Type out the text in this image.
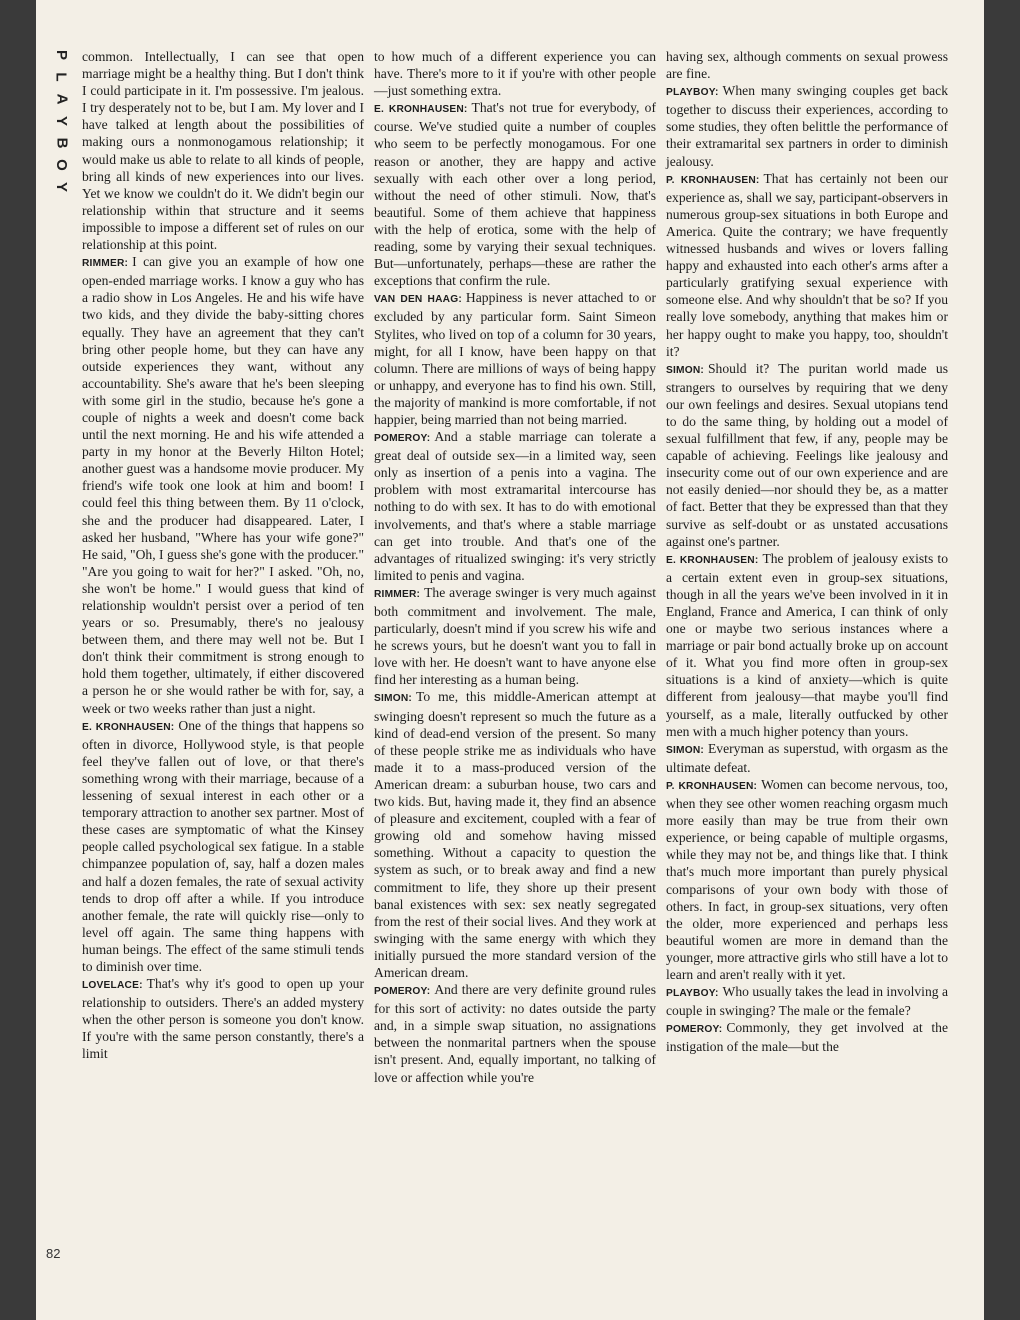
P
L
A
Y
B
O
Y
82

common. Intellectually, I can see that open marriage might be a healthy thing. But I don't think I could participate in it. I'm possessive. I'm jealous. I try desperately not to be, but I am. My lover and I have talked at length about the possibilities of making ours a nonmonogamous relationship; it would make us able to relate to all kinds of people, bring all kinds of new experiences into our lives. Yet we know we couldn't do it. We didn't begin our relationship within that structure and it seems impossible to impose a different set of rules on our relationship at this point.

RIMMER: I can give you an example of how one open-ended marriage works. I know a guy who has a radio show in Los Angeles. He and his wife have two kids, and they divide the baby-sitting chores equally. They have an agreement that they can't bring other people home, but they can have any outside experiences they want, without any accountability. She's aware that he's been sleeping with some girl in the studio, because he's gone a couple of nights a week and doesn't come back until the next morning. He and his wife attended a party in my honor at the Beverly Hilton Hotel; another guest was a handsome movie producer. My friend's wife took one look at him and boom! I could feel this thing between them. By 11 o'clock, she and the producer had disappeared. Later, I asked her husband, "Where has your wife gone?" He said, "Oh, I guess she's gone with the producer." "Are you going to wait for her?" I asked. "Oh, no, she won't be home." I would guess that kind of relationship wouldn't persist over a period of ten years or so. Presumably, there's no jealousy between them, and there may well not be. But I don't think their commitment is strong enough to hold them together, ultimately, if either discovered a person he or she would rather be with for, say, a week or two weeks rather than just a night.

E. KRONHAUSEN: One of the things that happens so often in divorce, Hollywood style, is that people feel they've fallen out of love, or that there's something wrong with their marriage, because of a lessening of sexual interest in each other or a temporary attraction to another sex partner. Most of these cases are symptomatic of what the Kinsey people called psychological sex fatigue. In a stable chimpanzee population of, say, half a dozen males and half a dozen females, the rate of sexual activity tends to drop off after a while. If you introduce another female, the rate will quickly rise—only to level off again. The same thing happens with human beings. The effect of the same stimuli tends to diminish over time.

LOVELACE: That's why it's good to open up your relationship to outsiders. There's an added mystery when the other person is someone you don't know. If you're with the same person constantly, there's a limit

to how much of a different experience you can have. There's more to it if you're with other people—just something extra.

E. KRONHAUSEN: That's not true for everybody, of course. We've studied quite a number of couples who seem to be perfectly monogamous. For one reason or another, they are happy and active sexually with each other over a long period, without the need of other stimuli. Now, that's beautiful. Some of them achieve that happiness with the help of erotica, some with the help of reading, some by varying their sexual techniques. But—unfortunately, perhaps—these are rather the exceptions that confirm the rule.

VAN DEN HAAG: Happiness is never attached to or excluded by any particular form. Saint Simeon Stylites, who lived on top of a column for 30 years, might, for all I know, have been happy on that column. There are millions of ways of being happy or unhappy, and everyone has to find his own. Still, the majority of mankind is more comfortable, if not happier, being married than not being married.

POMEROY: And a stable marriage can tolerate a great deal of outside sex—in a limited way, seen only as insertion of a penis into a vagina. The problem with most extramarital intercourse has nothing to do with sex. It has to do with emotional involvements, and that's where a stable marriage can get into trouble. And that's one of the advantages of ritualized swinging: it's very strictly limited to penis and vagina.

RIMMER: The average swinger is very much against both commitment and involvement. The male, particularly, doesn't mind if you screw his wife and he screws yours, but he doesn't want you to fall in love with her. He doesn't want to have anyone else find her interesting as a human being.

SIMON: To me, this middle-American attempt at swinging doesn't represent so much the future as a kind of dead-end version of the present. So many of these people strike me as individuals who have made it to a mass-produced version of the American dream: a suburban house, two cars and two kids. But, having made it, they find an absence of pleasure and excitement, coupled with a fear of growing old and somehow having missed something. Without a capacity to question the system as such, or to break away and find a new commitment to life, they shore up their present banal existences with sex: sex neatly segregated from the rest of their social lives. And they work at swinging with the same energy with which they initially pursued the more standard version of the American dream.

POMEROY: And there are very definite ground rules for this sort of activity: no dates outside the party and, in a simple swap situation, no assignations between the nonmarital partners when the spouse isn't present. And, equally important, no talking of love or affection while you're

having sex, although comments on sexual prowess are fine.

PLAYBOY: When many swinging couples get back together to discuss their experiences, according to some studies, they often belittle the performance of their extramarital sex partners in order to diminish jealousy.

P. KRONHAUSEN: That has certainly not been our experience as, shall we say, participant-observers in numerous group-sex situations in both Europe and America. Quite the contrary; we have frequently witnessed husbands and wives or lovers falling happy and exhausted into each other's arms after a particularly gratifying sexual experience with someone else. And why shouldn't that be so? If you really love somebody, anything that makes him or her happy ought to make you happy, too, shouldn't it?

SIMON: Should it? The puritan world made us strangers to ourselves by requiring that we deny our own feelings and desires. Sexual utopians tend to do the same thing, by holding out a model of sexual fulfillment that few, if any, people may be capable of achieving. Feelings like jealousy and insecurity come out of our own experience and are not easily denied—nor should they be, as a matter of fact. Better that they be expressed than that they survive as self-doubt or as unstated accusations against one's partner.

E. KRONHAUSEN: The problem of jealousy exists to a certain extent even in group-sex situations, though in all the years we've been involved in it in England, France and America, I can think of only one or maybe two serious instances where a marriage or pair bond actually broke up on account of it. What you find more often in group-sex situations is a kind of anxiety—which is quite different from jealousy—that maybe you'll find yourself, as a male, literally outfucked by other men with a much higher potency than yours.

SIMON: Everyman as superstud, with orgasm as the ultimate defeat.

P. KRONHAUSEN: Women can become nervous, too, when they see other women reaching orgasm much more easily than may be true from their own experience, or being capable of multiple orgasms, while they may not be, and things like that. I think that's much more important than purely physical comparisons of your own body with those of others. In fact, in group-sex situations, very often the older, more experienced and perhaps less beautiful women are more in demand than the younger, more attractive girls who still have a lot to learn and aren't really with it yet.

PLAYBOY: Who usually takes the lead in involving a couple in swinging? The male or the female?

POMEROY: Commonly, they get involved at the instigation of the male—but the
